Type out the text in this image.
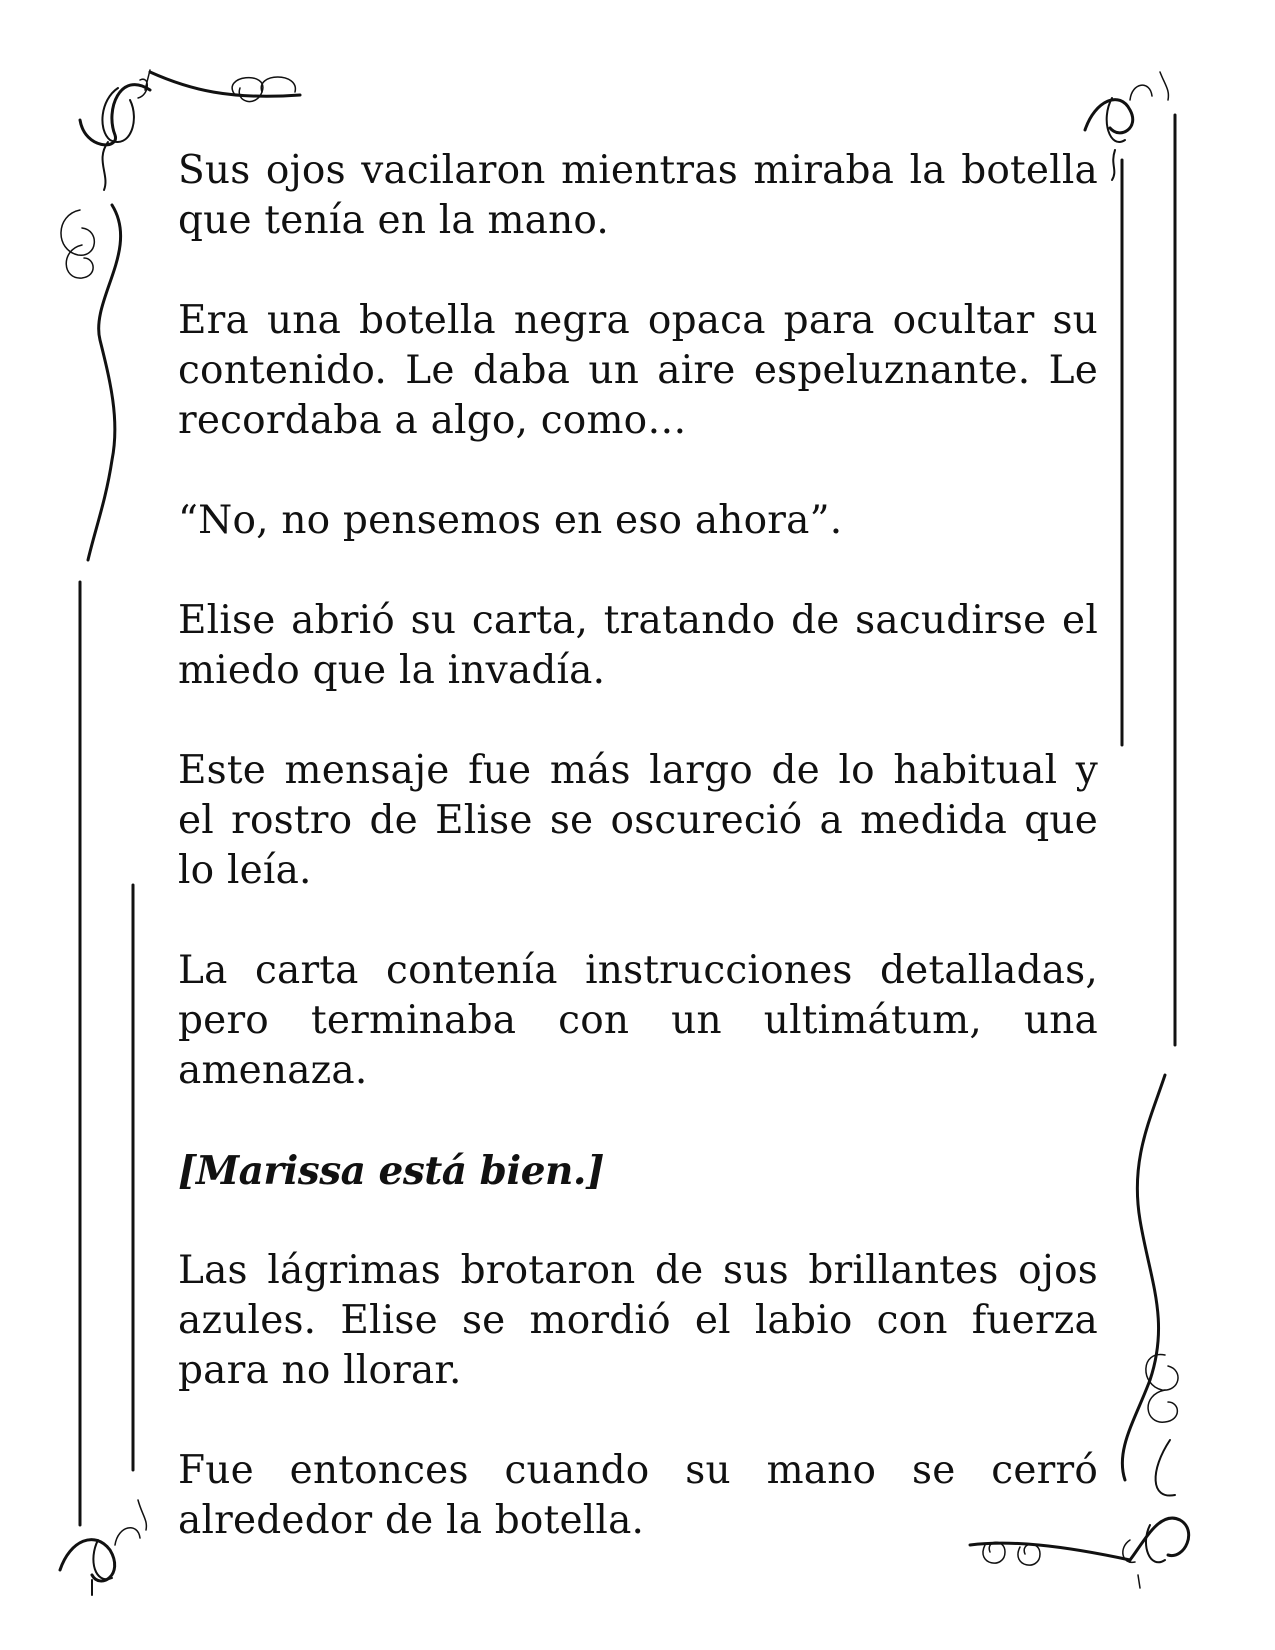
Sus ojos vacilaron mientras miraba la botella que tenía en la mano.

Era una botella negra opaca para ocultar su contenido. Le daba un aire espeluznante. Le recordaba a algo, como…

“No, no pensemos en eso ahora”.

Elise abrió su carta, tratando de sacudirse el miedo que la invadía.

Este mensaje fue más largo de lo habitual y el rostro de Elise se oscureció a medida que lo leía.

La carta contenía instrucciones detalladas, pero terminaba con un ultimátum, una amenaza.

[Marissa está bien.]

Las lágrimas brotaron de sus brillantes ojos azules. Elise se mordió el labio con fuerza para no llorar.

Fue entonces cuando su mano se cerró alrededor de la botella.
